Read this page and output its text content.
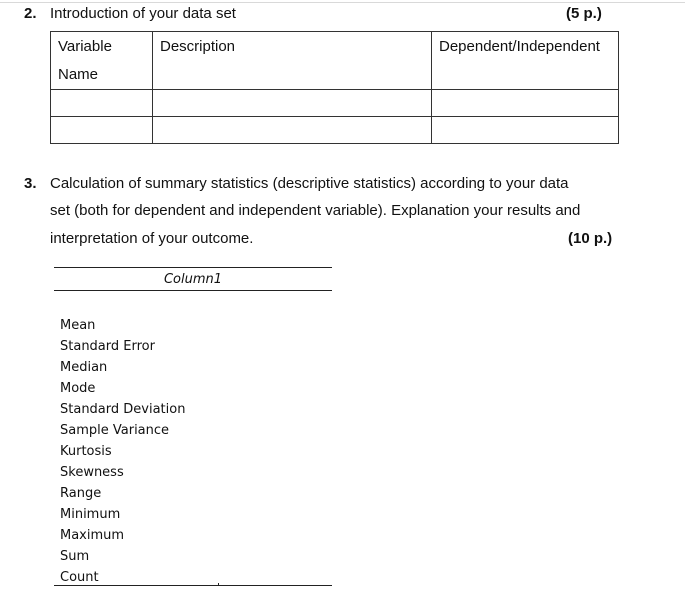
2. Introduction of your data set	(5 p.)
Variable
Name	Description	Dependent/Independent

3. Calculation of summary statistics (descriptive statistics) according to your data
set (both for dependent and independent variable). Explanation your results and
interpretation of your outcome.	(10 p.)
Column1
Mean
Standard Error
Median
Mode
Standard Deviation
Sample Variance
Kurtosis
Skewness
Range
Minimum
Maximum
Sum
Count
